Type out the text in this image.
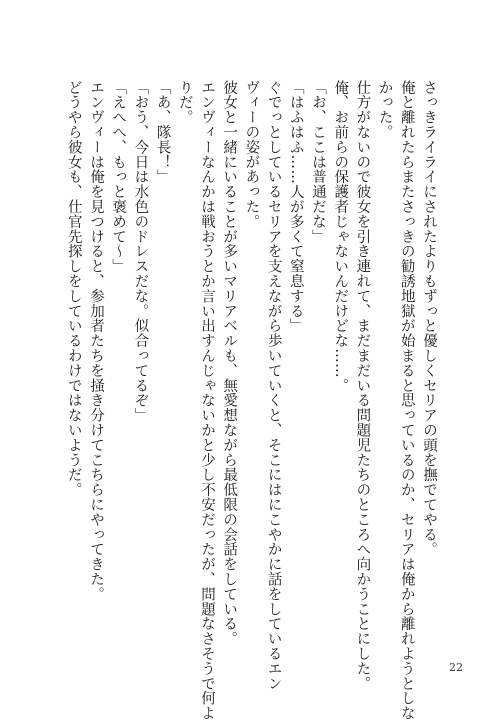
さっきライライにされたよりもずっと優しくセリアの頭を撫でてやる。
俺と離れたらまたさっきの勧誘地獄が始まると思っているのか、セリアは俺から離れようとしな
かった。
仕方がないので彼女を引き連れて、まだまだいる問題児たちのところへ向かうことにした。
俺、お前らの保護者じゃないんだけどな……。
「お、ここは普通だな」
「はふはふ……人が多くて窒息する」
ぐでっとしているセリアを支えながら歩いていくと、そこにはにこやかに話をしているエン
ヴィーの姿があった。
彼女と一緒にいることが多いマリアベルも、無愛想ながら最低限の会話をしている。
エンヴィーなんかは戦おうとか言い出すんじゃないかと少し不安だったが、問題なさそうで何よ
りだ。
「あ、隊長！」
「おう、今日は水色のドレスだな。似合ってるぞ」
「えへへ、もっと褒めて〜」
エンヴィーは俺を見つけると、参加者たちを掻き分けてこちらにやってきた。
どうやら彼女も、仕官先探しをしているわけではないようだ。
22
